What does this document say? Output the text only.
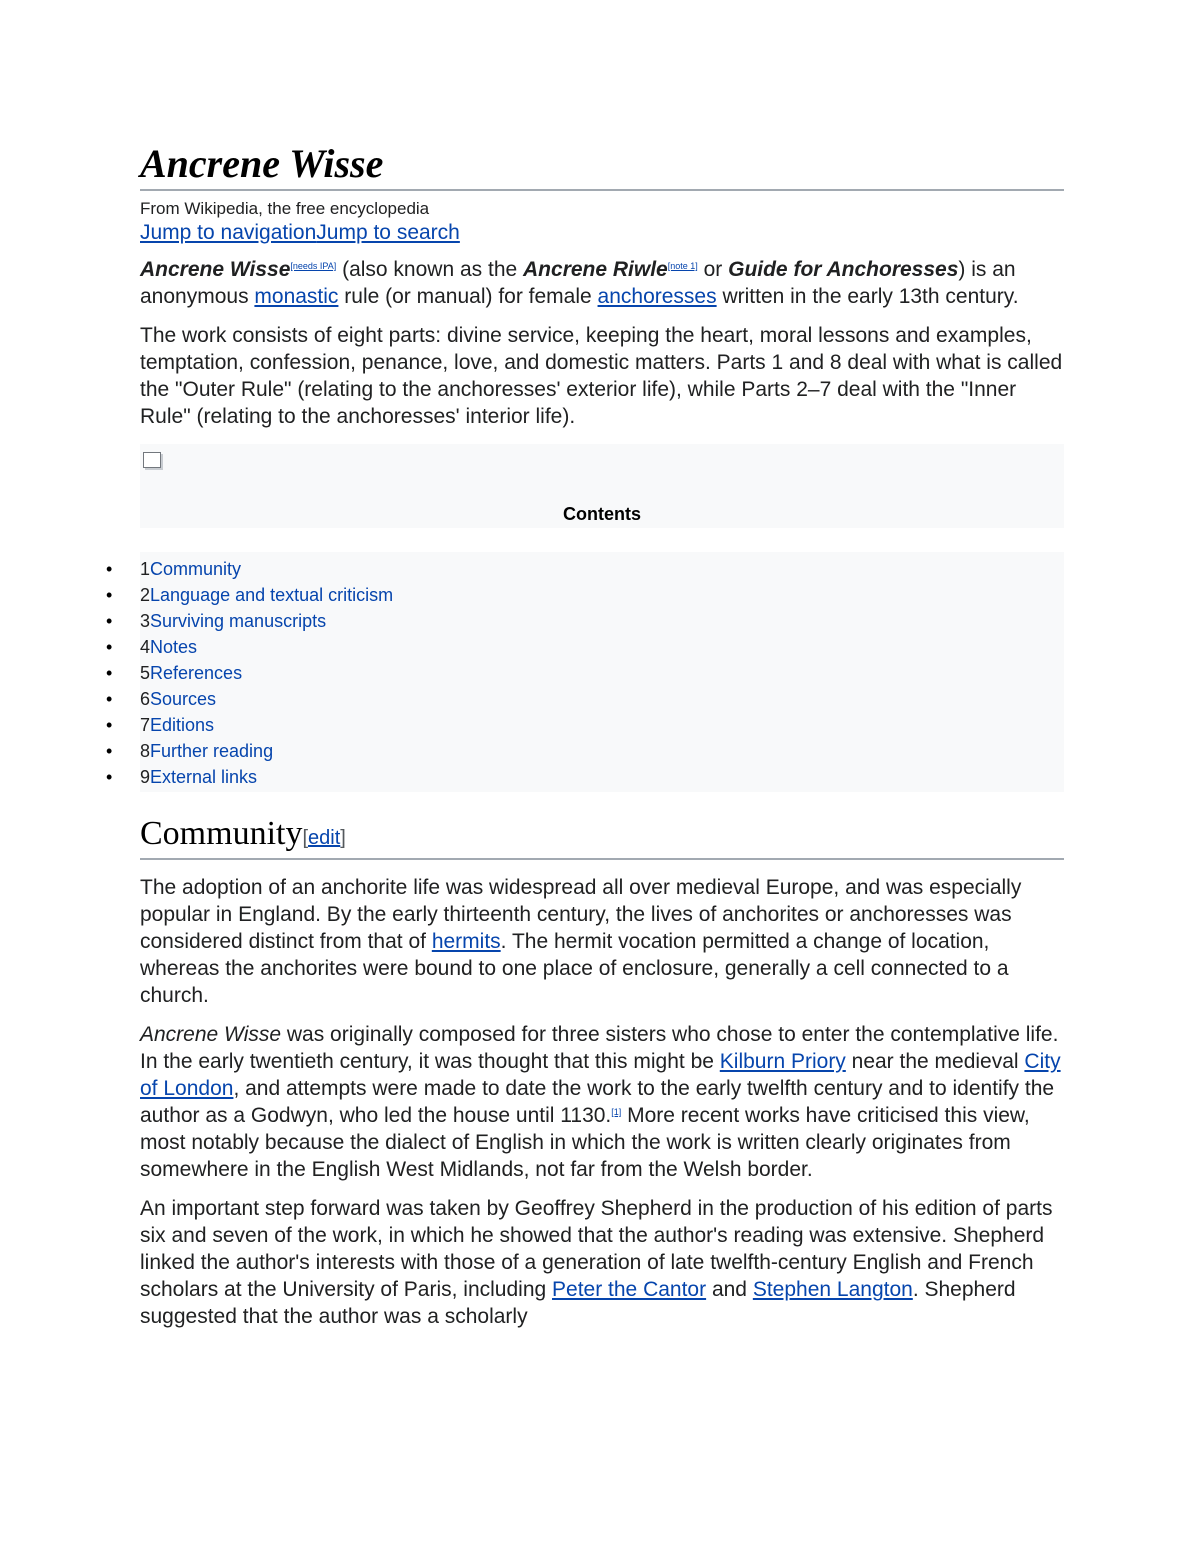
Ancrene Wisse
From Wikipedia, the free encyclopedia
Jump to navigationJump to search

Ancrene Wisse[needs IPA] (also known as the Ancrene Riwle[note 1] or Guide for Anchoresses) is an anonymous monastic rule (or manual) for female anchoresses written in the early 13th century.

The work consists of eight parts: divine service, keeping the heart, moral lessons and examples, temptation, confession, penance, love, and domestic matters. Parts 1 and 8 deal with what is called the "Outer Rule" (relating to the anchoresses' exterior life), while Parts 2–7 deal with the "Inner Rule" (relating to the anchoresses' interior life).

Contents
• 1Community
• 2Language and textual criticism
• 3Surviving manuscripts
• 4Notes
• 5References
• 6Sources
• 7Editions
• 8Further reading
• 9External links
Community[edit]

The adoption of an anchorite life was widespread all over medieval Europe, and was especially popular in England. By the early thirteenth century, the lives of anchorites or anchoresses was considered distinct from that of hermits. The hermit vocation permitted a change of location, whereas the anchorites were bound to one place of enclosure, generally a cell connected to a church.

Ancrene Wisse was originally composed for three sisters who chose to enter the contemplative life. In the early twentieth century, it was thought that this might be Kilburn Priory near the medieval City of London, and attempts were made to date the work to the early twelfth century and to identify the author as a Godwyn, who led the house until 1130.[1] More recent works have criticised this view, most notably because the dialect of English in which the work is written clearly originates from somewhere in the English West Midlands, not far from the Welsh border.

An important step forward was taken by Geoffrey Shepherd in the production of his edition of parts six and seven of the work, in which he showed that the author's reading was extensive. Shepherd linked the author's interests with those of a generation of late twelfth-century English and French scholars at the University of Paris, including Peter the Cantor and Stephen Langton. Shepherd suggested that the author was a scholarly
